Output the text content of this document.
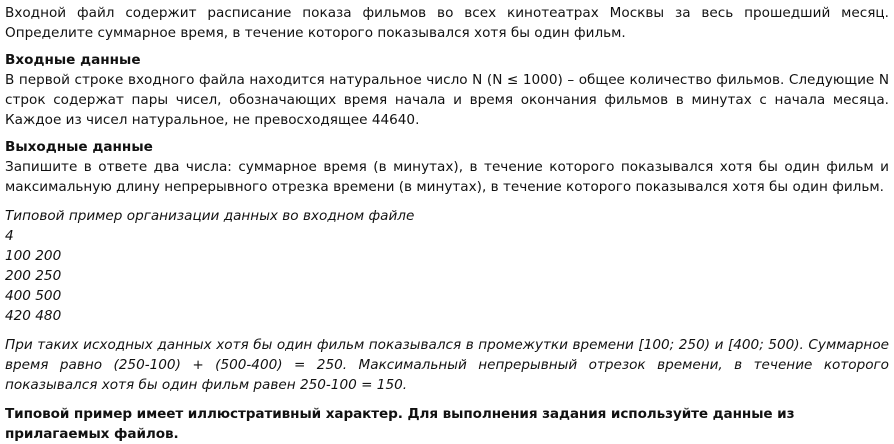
Входной файл содержит расписание показа фильмов во всех кинотеатрах Москвы за весь прошедший месяц. Определите суммарное время, в течение которого показывался хотя бы один фильм.

Входные данные

В первой строке входного файла находится натуральное число N (N ≤ 1000) – общее количество фильмов. Следующие N строк содержат пары чисел, обозначающих время начала и время окончания фильмов в минутах с начала месяца. Каждое из чисел натуральное, не превосходящее 44640.

Выходные данные

Запишите в ответе два числа: суммарное время (в минутах), в течение которого показывался хотя бы один фильм и максимальную длину непрерывного отрезка времени (в минутах), в течение которого показывался хотя бы один фильм.

Типовой пример организации данных во входном файле

4

100 200

200 250

400 500

420 480

При таких исходных данных хотя бы один фильм показывался в промежутки времени [100; 250) и [400; 500). Суммарное время равно (250-100) + (500-400) = 250. Максимальный непрерывный отрезок времени, в течение которого показывался хотя бы один фильм равен 250-100 = 150.

Типовой пример имеет иллюстративный характер. Для выполнения задания используйте данные из прилагаемых файлов.
